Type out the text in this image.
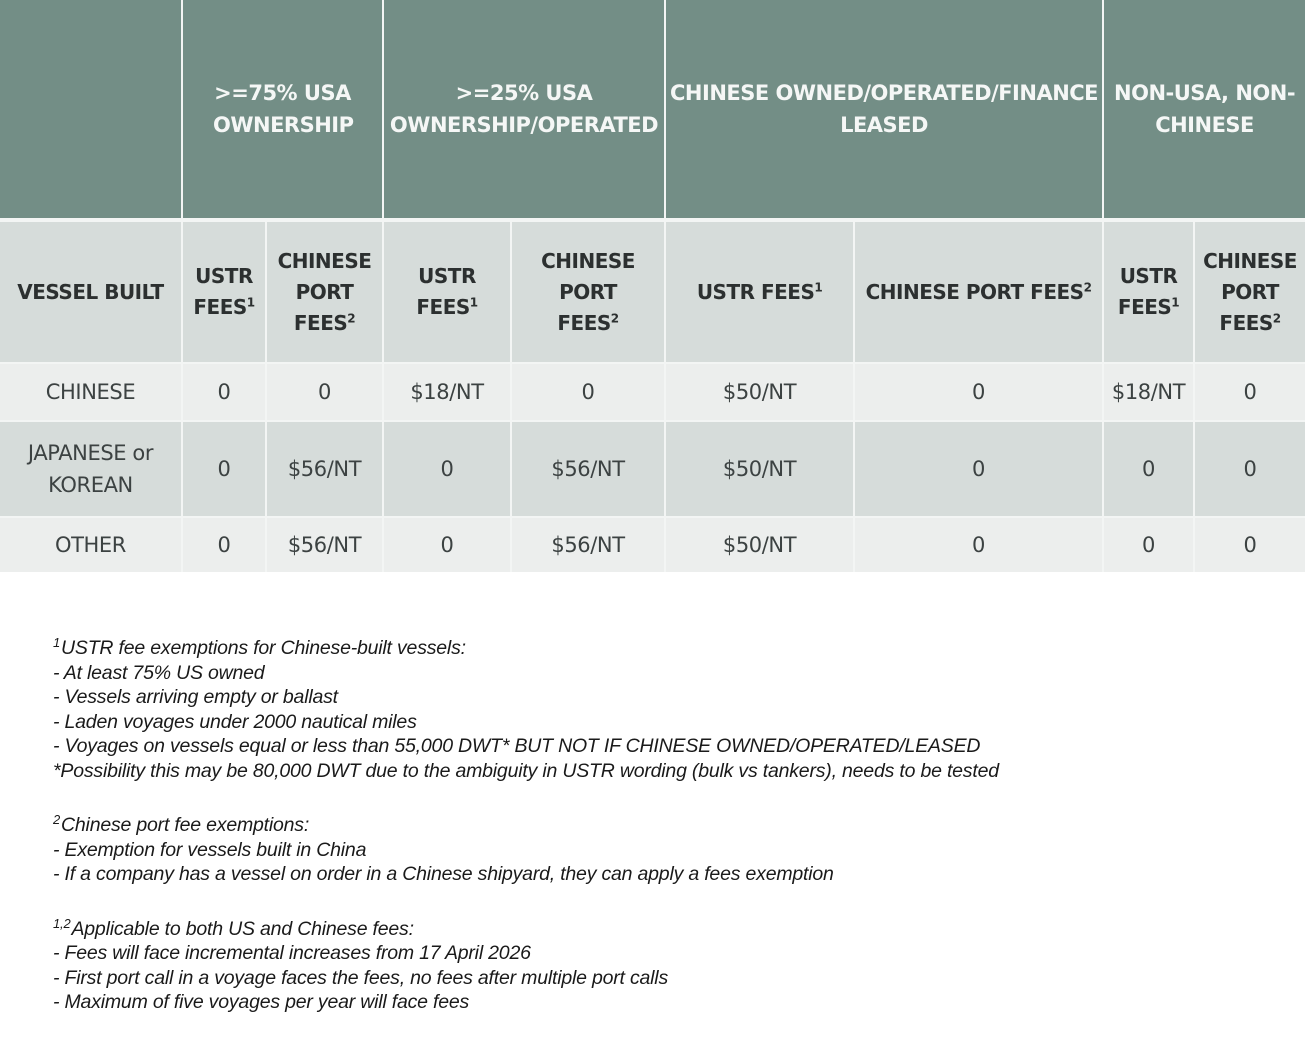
	>=75% USA OWNERSHIP		>=25% USA OWNERSHIP/OPERATED		CHINESE OWNED/OPERATED/FINANCE LEASED		NON-USA, NON-CHINESE	
VESSEL BUILT	USTR FEES$^1$	CHINESE PORT FEES$^2$	USTR FEES$^1$	CHINESE PORT FEES$^2$	USTR FEES$^1$	CHINESE PORT FEES$^2$	USTR FEES$^1$	CHINESE PORT FEES$^2$
CHINESE	0	0	$18/NT	0	$50/NT	0	$18/NT	0
JAPANESE or KOREAN	0	$56/NT	0	$56/NT	$50/NT	0	0	0
OTHER	0	$56/NT	0	$56/NT	$50/NT	0	0	0
$^1$USTR fee exemptions for Chinese-built vessels:
- At least 75% US owned
- Vessels arriving empty or ballast
- Laden voyages under 2000 nautical miles
- Voyages on vessels equal or less than 55,000 DWT* BUT NOT IF CHINESE OWNED/OPERATED/LEASED
*Possibility this may be 80,000 DWT due to the ambiguity in USTR wording (bulk vs tankers), needs to be tested
$^2$Chinese port fee exemptions:
- Exemption for vessels built in China
- If a company has a vessel on order in a Chinese shipyard, they can apply a fees exemption
$^{1,2}$Applicable to both US and Chinese fees:
- Fees will face incremental increases from 17 April 2026
- First port call in a voyage faces the fees, no fees after multiple port calls
- Maximum of five voyages per year will face fees
